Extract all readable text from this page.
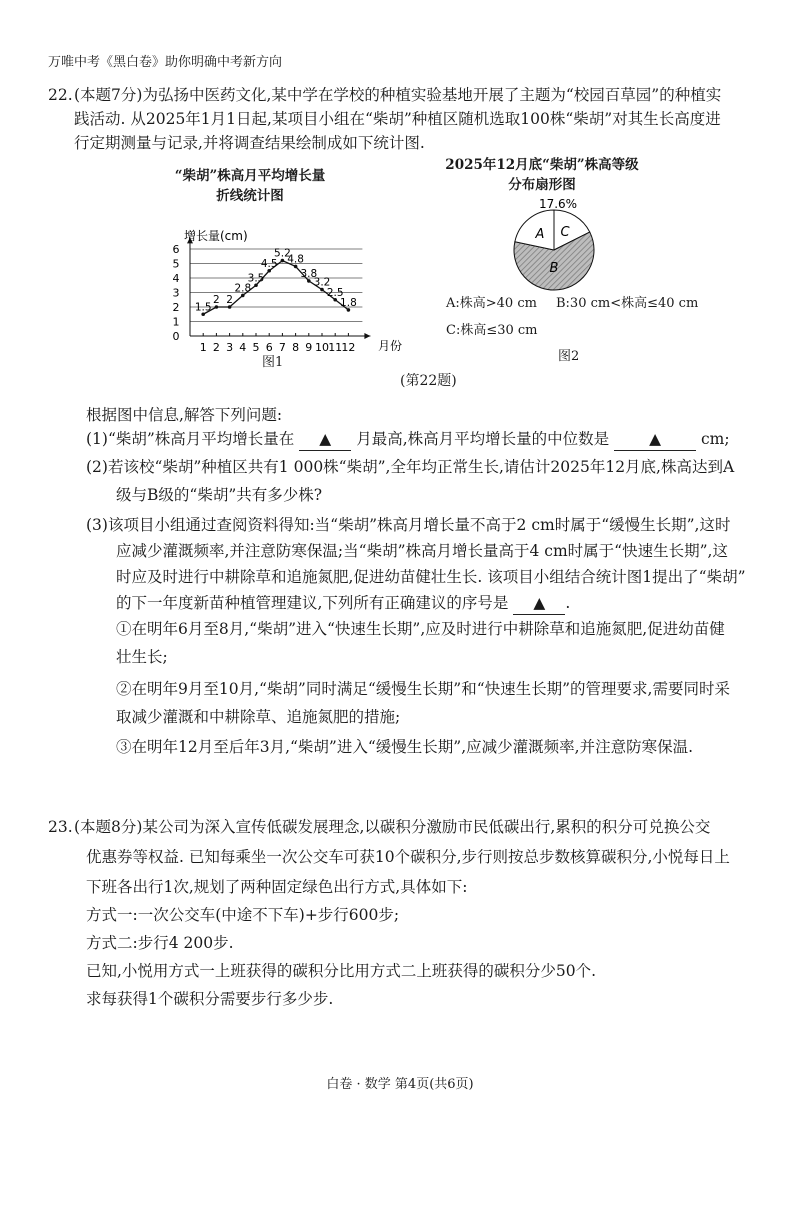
万唯中考《黑白卷》助你明确中考新方向
22. (本题7分)为弘扬中医药文化,某中学在学校的种植实验基地开展了主题为“校园百草园”的种植实
践活动. 从2025年1月1日起,某项目小组在“柴胡”种植区随机选取100株“柴胡”对其生长高度进
行定期测量与记录,并将调查结果绘制成如下统计图.
“柴胡”株高月平均增长量
折线统计图
0
1
2
3
4
5
6
1 2 3 4 5 6 7 8 9 10 11 12
1.5
2 2
2.8
3.5
4.5
5.2
4.8
3.8
3.2
2.5
1.8
增长量(cm)
月份
图1
2025年12月底“柴胡”株高等级
分布扇形图
17.6%
A C
B
A:株高>40 cm B:30 cm<株高≤40 cm
C:株高≤30 cm
图2
(第22题)
根据图中信息,解答下列问题:
(1)“柴胡”株高月平均增长量在 ▲ 月最高,株高月平均增长量的中位数是	▲	cm;
(2)若该校“柴胡”种植区共有1 000株“柴胡”,全年均正常生长,请估计2025年12月底,株高达到A
级与B级的“柴胡”共有多少株?
(3)该项目小组通过查阅资料得知:当“柴胡”株高月增长量不高于2 cm时属于“缓慢生长期”,这时
应减少灌溉频率,并注意防寒保温;当“柴胡”株高月增长量高于4 cm时属于“快速生长期”,这
时应及时进行中耕除草和追施氮肥,促进幼苗健壮生长. 该项目小组结合统计图1提出了“柴胡”
的下一年度新苗种植管理建议,下列所有正确建议的序号是 ▲ .
①在明年6月至8月,“柴胡”进入“快速生长期”,应及时进行中耕除草和追施氮肥,促进幼苗健
壮生长;
②在明年9月至10月,“柴胡”同时满足“缓慢生长期”和“快速生长期”的管理要求,需要同时采
取减少灌溉和中耕除草、追施氮肥的措施;
③在明年12月至后年3月,“柴胡”进入“缓慢生长期”,应减少灌溉频率,并注意防寒保温.
23. (本题8分)某公司为深入宣传低碳发展理念,以碳积分激励市民低碳出行,累积的积分可兑换公交
优惠券等权益. 已知每乘坐一次公交车可获10个碳积分,步行则按总步数核算碳积分,小悦每日上
下班各出行1次,规划了两种固定绿色出行方式,具体如下:
方式一:一次公交车(中途不下车)+步行600步;
方式二:步行4 200步.
已知,小悦用方式一上班获得的碳积分比用方式二上班获得的碳积分少50个.
求每获得1个碳积分需要步行多少步.
白卷 · 数学 第4页(共6页)
